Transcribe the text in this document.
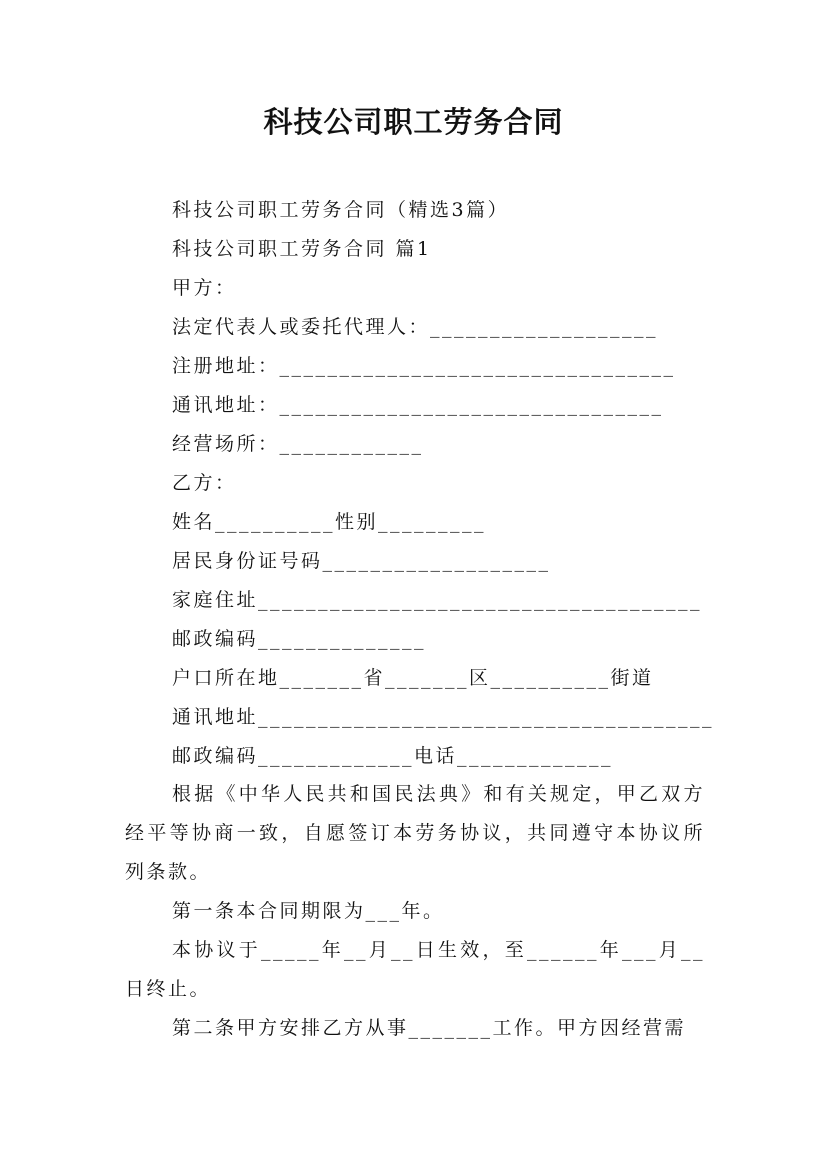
科技公司职工劳务合同
科技公司职工劳务合同（精选3篇）
科技公司职工劳务合同 篇1
甲方：
法定代表人或委托代理人：___________________
注册地址：_________________________________
通讯地址：________________________________
经营场所：____________
乙方：
姓名__________性别_________
居民身份证号码___________________
家庭住址_____________________________________
邮政编码______________
户口所在地_______省_______区__________街道
通讯地址______________________________________
邮政编码_____________电话_____________
根据《中华人民共和国民法典》和有关规定，甲乙双方经平等协商一致，自愿签订本劳务协议，共同遵守本协议所列条款。
第一条本合同期限为___年。
本协议于_____年__月__日生效，至______年___月__日终止。
第二条甲方安排乙方从事_______工作。甲方因经营需
